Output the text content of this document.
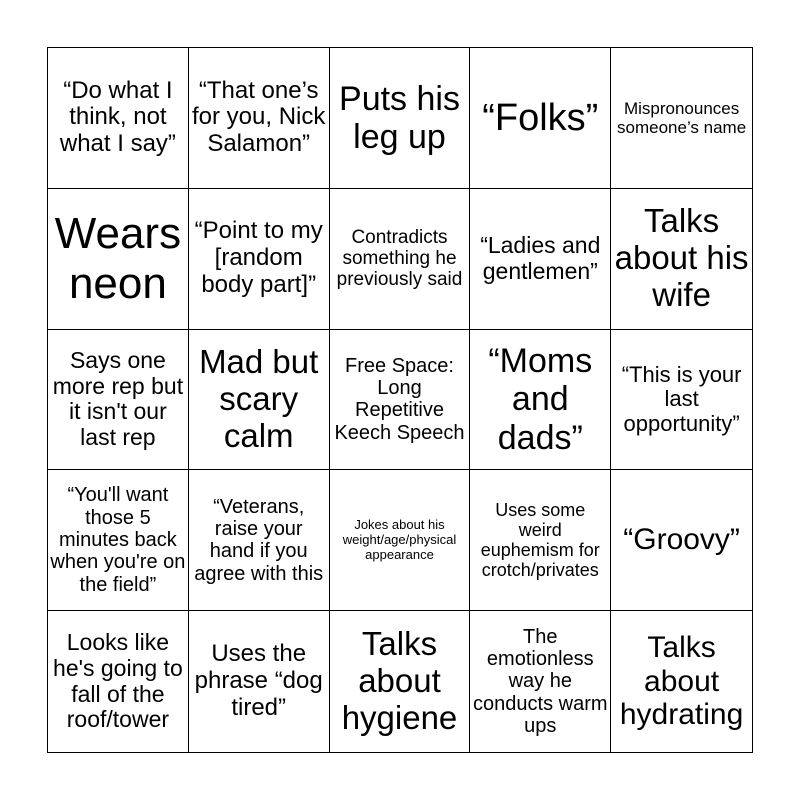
“Do what I think, not what I say”
“That one’s for you, Nick Salamon”
Puts his leg up “Folks”	Mispronounces someone’s name
Wears neon
“Point to my [random body part]”
Contradicts something he previously said
“Ladies and gentlemen”
Talks about his wife
Says one more rep but it isn't our last rep
Mad but scary calm
Free Space: Long Repetitive Keech Speech
“Moms and dads”
“This is your last opportunity”
“You'll want those 5 minutes back when you're on the field”
“Veterans, raise your hand if you agree with this
Jokes about his weight/age/physical appearance
Uses some weird euphemism for crotch/privates
“Groovy”
Looks like he's going to fall of the roof/tower
Uses the phrase “dog tired”
Talks about hygiene
The emotionless way he conducts warm ups
Talks about hydrating
